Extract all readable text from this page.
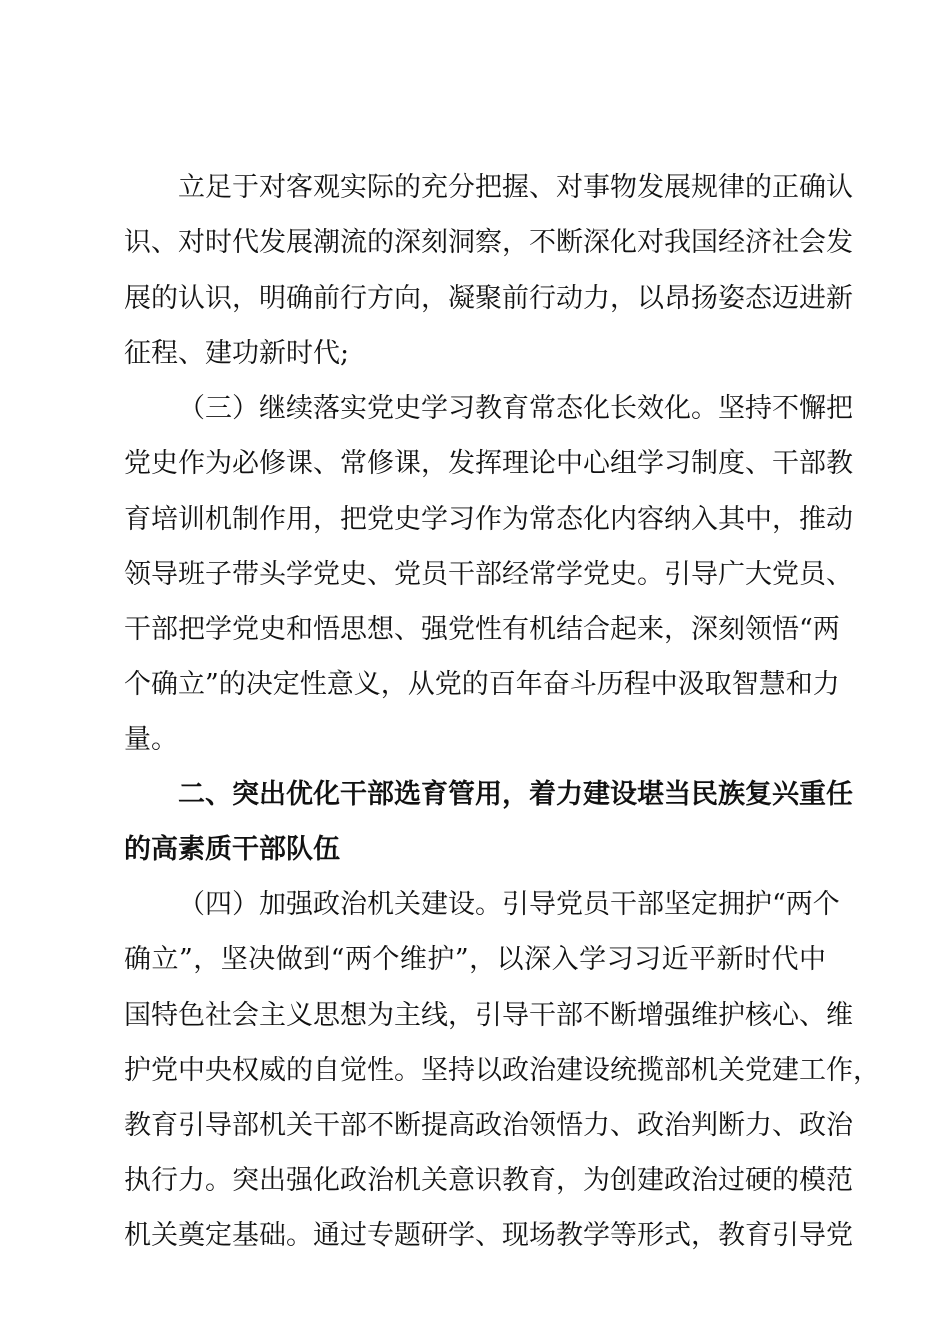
立足于对客观实际的充分把握、对事物发展规律的正确认
识、对时代发展潮流的深刻洞察，不断深化对我国经济社会发
展的认识，明确前行方向，凝聚前行动力，以昂扬姿态迈进新
征程、建功新时代;
（三）继续落实党史学习教育常态化长效化。坚持不懈把
党史作为必修课、常修课，发挥理论中心组学习制度、干部教
育培训机制作用，把党史学习作为常态化内容纳入其中，推动
领导班子带头学党史、党员干部经常学党史。引导广大党员、
干部把学党史和悟思想、强党性有机结合起来，深刻领悟“两
个确立”的决定性意义，从党的百年奋斗历程中汲取智慧和力
量。
二、突出优化干部选育管用，着力建设堪当民族复兴重任
的高素质干部队伍
（四）加强政治机关建设。引导党员干部坚定拥护“两个
确立”，坚决做到“两个维护”，以深入学习习近平新时代中
国特色社会主义思想为主线，引导干部不断增强维护核心、维
护党中央权威的自觉性。坚持以政治建设统揽部机关党建工作，
教育引导部机关干部不断提高政治领悟力、政治判断力、政治
执行力。突出强化政治机关意识教育，为创建政治过硬的模范
机关奠定基础。通过专题研学、现场教学等形式，教育引导党
